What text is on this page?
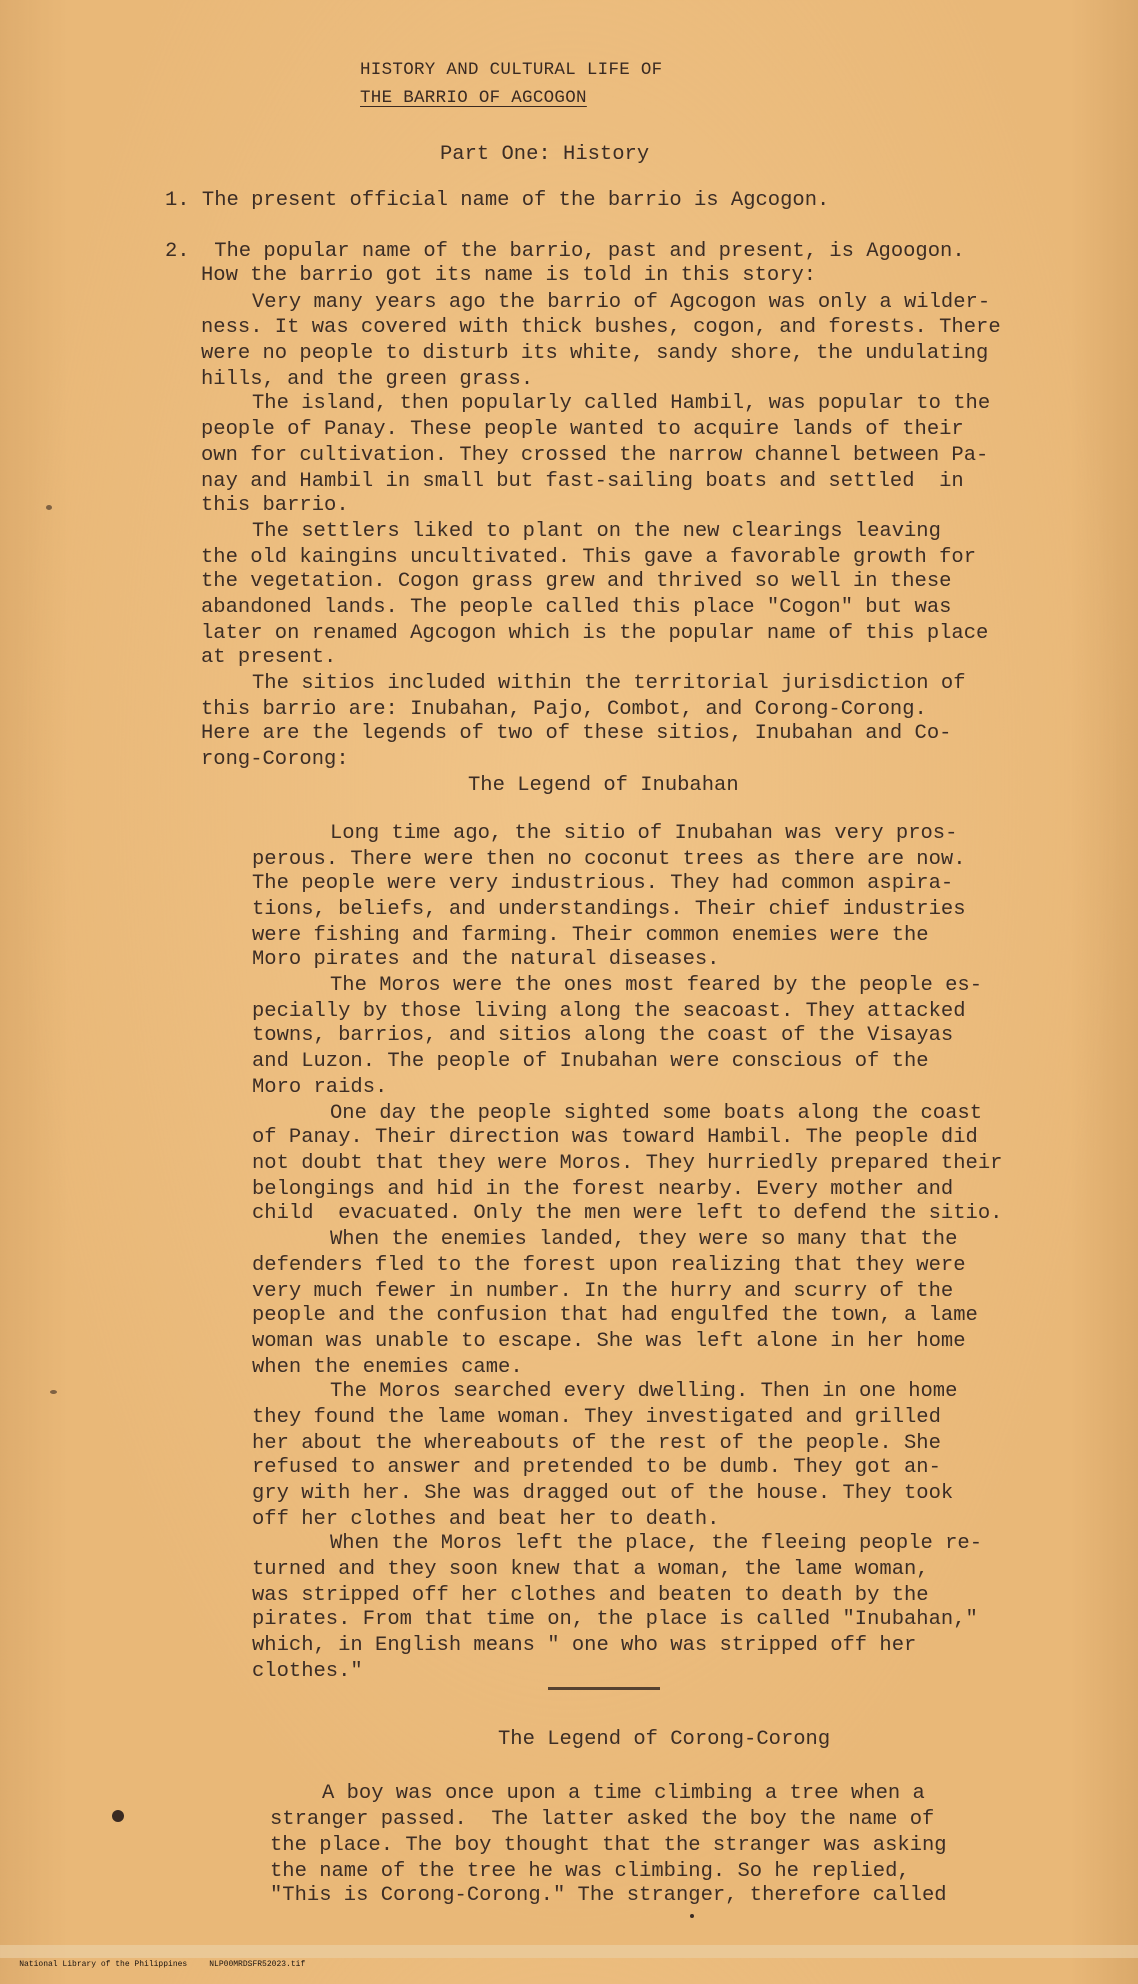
HISTORY AND CULTURAL LIFE OF
THE BARRIO OF AGCOGON
Part One: History
1. The present official name of the barrio is Agcogon.
2.  The popular name of the barrio, past and present, is Agoogon.
How the barrio got its name is told in this story:
Very many years ago the barrio of Agcogon was only a wilder-
ness. It was covered with thick bushes, cogon, and forests. There
were no people to disturb its white, sandy shore, the undulating
hills, and the green grass.
The island, then popularly called Hambil, was popular to the
people of Panay. These people wanted to acquire lands of their
own for cultivation. They crossed the narrow channel between Pa-
nay and Hambil in small but fast-sailing boats and settled  in
this barrio.
The settlers liked to plant on the new clearings leaving
the old kaingins uncultivated. This gave a favorable growth for
the vegetation. Cogon grass grew and thrived so well in these
abandoned lands. The people called this place "Cogon" but was
later on renamed Agcogon which is the popular name of this place
at present.
The sitios included within the territorial jurisdiction of
this barrio are: Inubahan, Pajo, Combot, and Corong-Corong.
Here are the legends of two of these sitios, Inubahan and Co-
rong-Corong:
The Legend of Inubahan
Long time ago, the sitio of Inubahan was very pros-
perous. There were then no coconut trees as there are now.
The people were very industrious. They had common aspira-
tions, beliefs, and understandings. Their chief industries
were fishing and farming. Their common enemies were the
Moro pirates and the natural diseases.
The Moros were the ones most feared by the people es-
pecially by those living along the seacoast. They attacked
towns, barrios, and sitios along the coast of the Visayas
and Luzon. The people of Inubahan were conscious of the
Moro raids.
One day the people sighted some boats along the coast
of Panay. Their direction was toward Hambil. The people did
not doubt that they were Moros. They hurriedly prepared their
belongings and hid in the forest nearby. Every mother and
child  evacuated. Only the men were left to defend the sitio.
When the enemies landed, they were so many that the
defenders fled to the forest upon realizing that they were
very much fewer in number. In the hurry and scurry of the
people and the confusion that had engulfed the town, a lame
woman was unable to escape. She was left alone in her home
when the enemies came.
The Moros searched every dwelling. Then in one home
they found the lame woman. They investigated and grilled
her about the whereabouts of the rest of the people. She
refused to answer and pretended to be dumb. They got an-
gry with her. She was dragged out of the house. They took
off her clothes and beat her to death.
When the Moros left the place, the fleeing people re-
turned and they soon knew that a woman, the lame woman,
was stripped off her clothes and beaten to death by the
pirates. From that time on, the place is called "Inubahan,"
which, in English means " one who was stripped off her
clothes."
The Legend of Corong-Corong
A boy was once upon a time climbing a tree when a
stranger passed.  The latter asked the boy the name of
the place. The boy thought that the stranger was asking
the name of the tree he was climbing. So he replied,
"This is Corong-Corong." The stranger, therefore called

National Library of the Philippines	NLP00MRDSFR52023.tif
